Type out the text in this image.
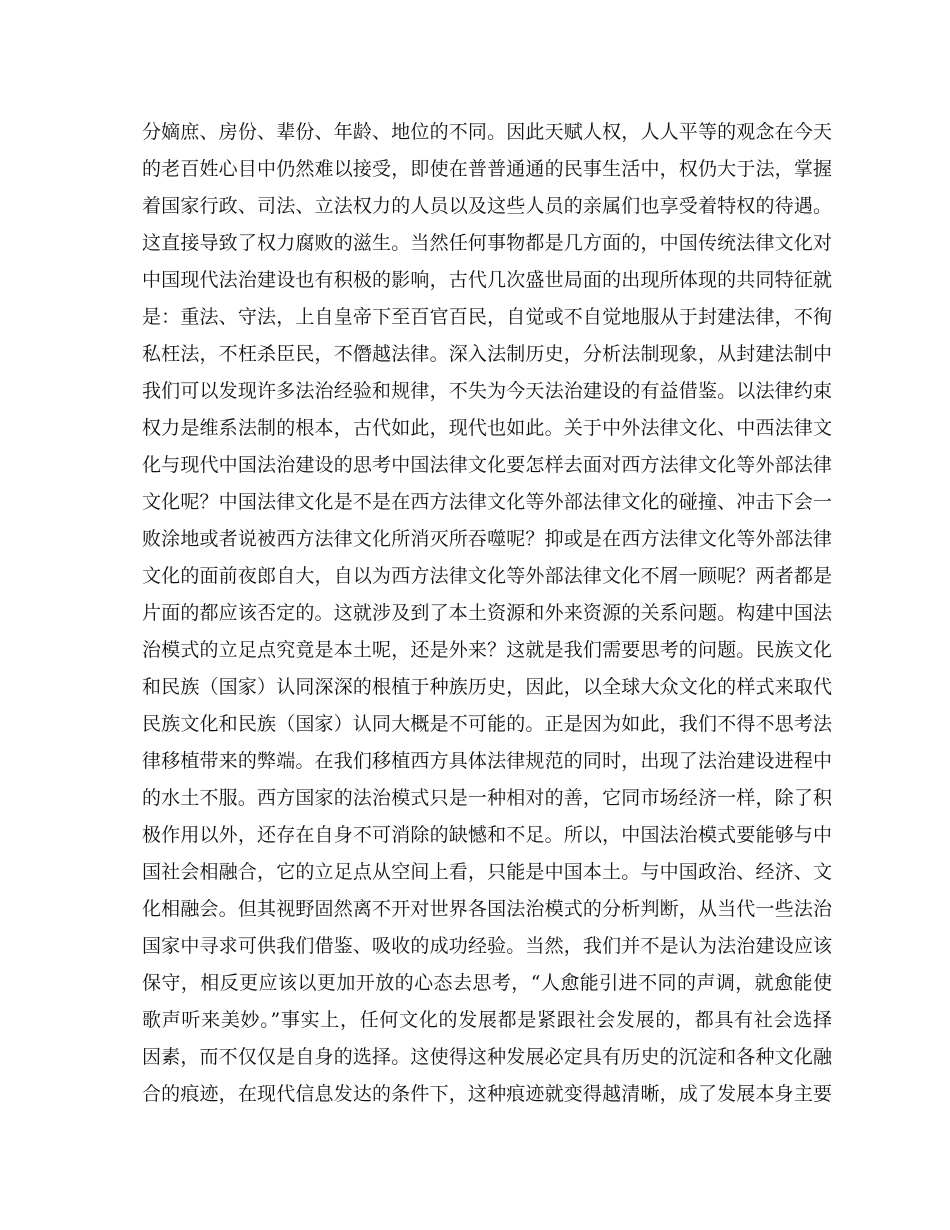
分嫡庶、房份、辈份、年龄、地位的不同。因此天赋人权，人人平等的观念在今天
的老百姓心目中仍然难以接受，即使在普普通通的民事生活中，权仍大于法，掌握
着国家行政、司法、立法权力的人员以及这些人员的亲属们也享受着特权的待遇。
这直接导致了权力腐败的滋生。当然任何事物都是几方面的，中国传统法律文化对
中国现代法治建设也有积极的影响，古代几次盛世局面的出现所体现的共同特征就
是：重法、守法，上自皇帝下至百官百民，自觉或不自觉地服从于封建法律，不徇
私枉法，不枉杀臣民，不僭越法律。深入法制历史，分析法制现象，从封建法制中
我们可以发现许多法治经验和规律，不失为今天法治建设的有益借鉴。以法律约束
权力是维系法制的根本，古代如此，现代也如此。关于中外法律文化、中西法律文
化与现代中国法治建设的思考中国法律文化要怎样去面对西方法律文化等外部法律
文化呢？中国法律文化是不是在西方法律文化等外部法律文化的碰撞、冲击下会一
败涂地或者说被西方法律文化所消灭所吞噬呢？抑或是在西方法律文化等外部法律
文化的面前夜郎自大，自以为西方法律文化等外部法律文化不屑一顾呢？两者都是
片面的都应该否定的。这就涉及到了本土资源和外来资源的关系问题。构建中国法
治模式的立足点究竟是本土呢，还是外来？这就是我们需要思考的问题。民族文化
和民族（国家）认同深深的根植于种族历史，因此，以全球大众文化的样式来取代
民族文化和民族（国家）认同大概是不可能的。正是因为如此，我们不得不思考法
律移植带来的弊端。在我们移植西方具体法律规范的同时，出现了法治建设进程中
的水土不服。西方国家的法治模式只是一种相对的善，它同市场经济一样，除了积
极作用以外，还存在自身不可消除的缺憾和不足。所以，中国法治模式要能够与中
国社会相融合，它的立足点从空间上看，只能是中国本土。与中国政治、经济、文
化相融会。但其视野固然离不开对世界各国法治模式的分析判断，从当代一些法治
国家中寻求可供我们借鉴、吸收的成功经验。当然，我们并不是认为法治建设应该
保守，相反更应该以更加开放的心态去思考，“人愈能引进不同的声调，就愈能使
歌声听来美妙。”事实上，任何文化的发展都是紧跟社会发展的，都具有社会选择
因素，而不仅仅是自身的选择。这使得这种发展必定具有历史的沉淀和各种文化融
合的痕迹，在现代信息发达的条件下，这种痕迹就变得越清晰，成了发展本身主要
